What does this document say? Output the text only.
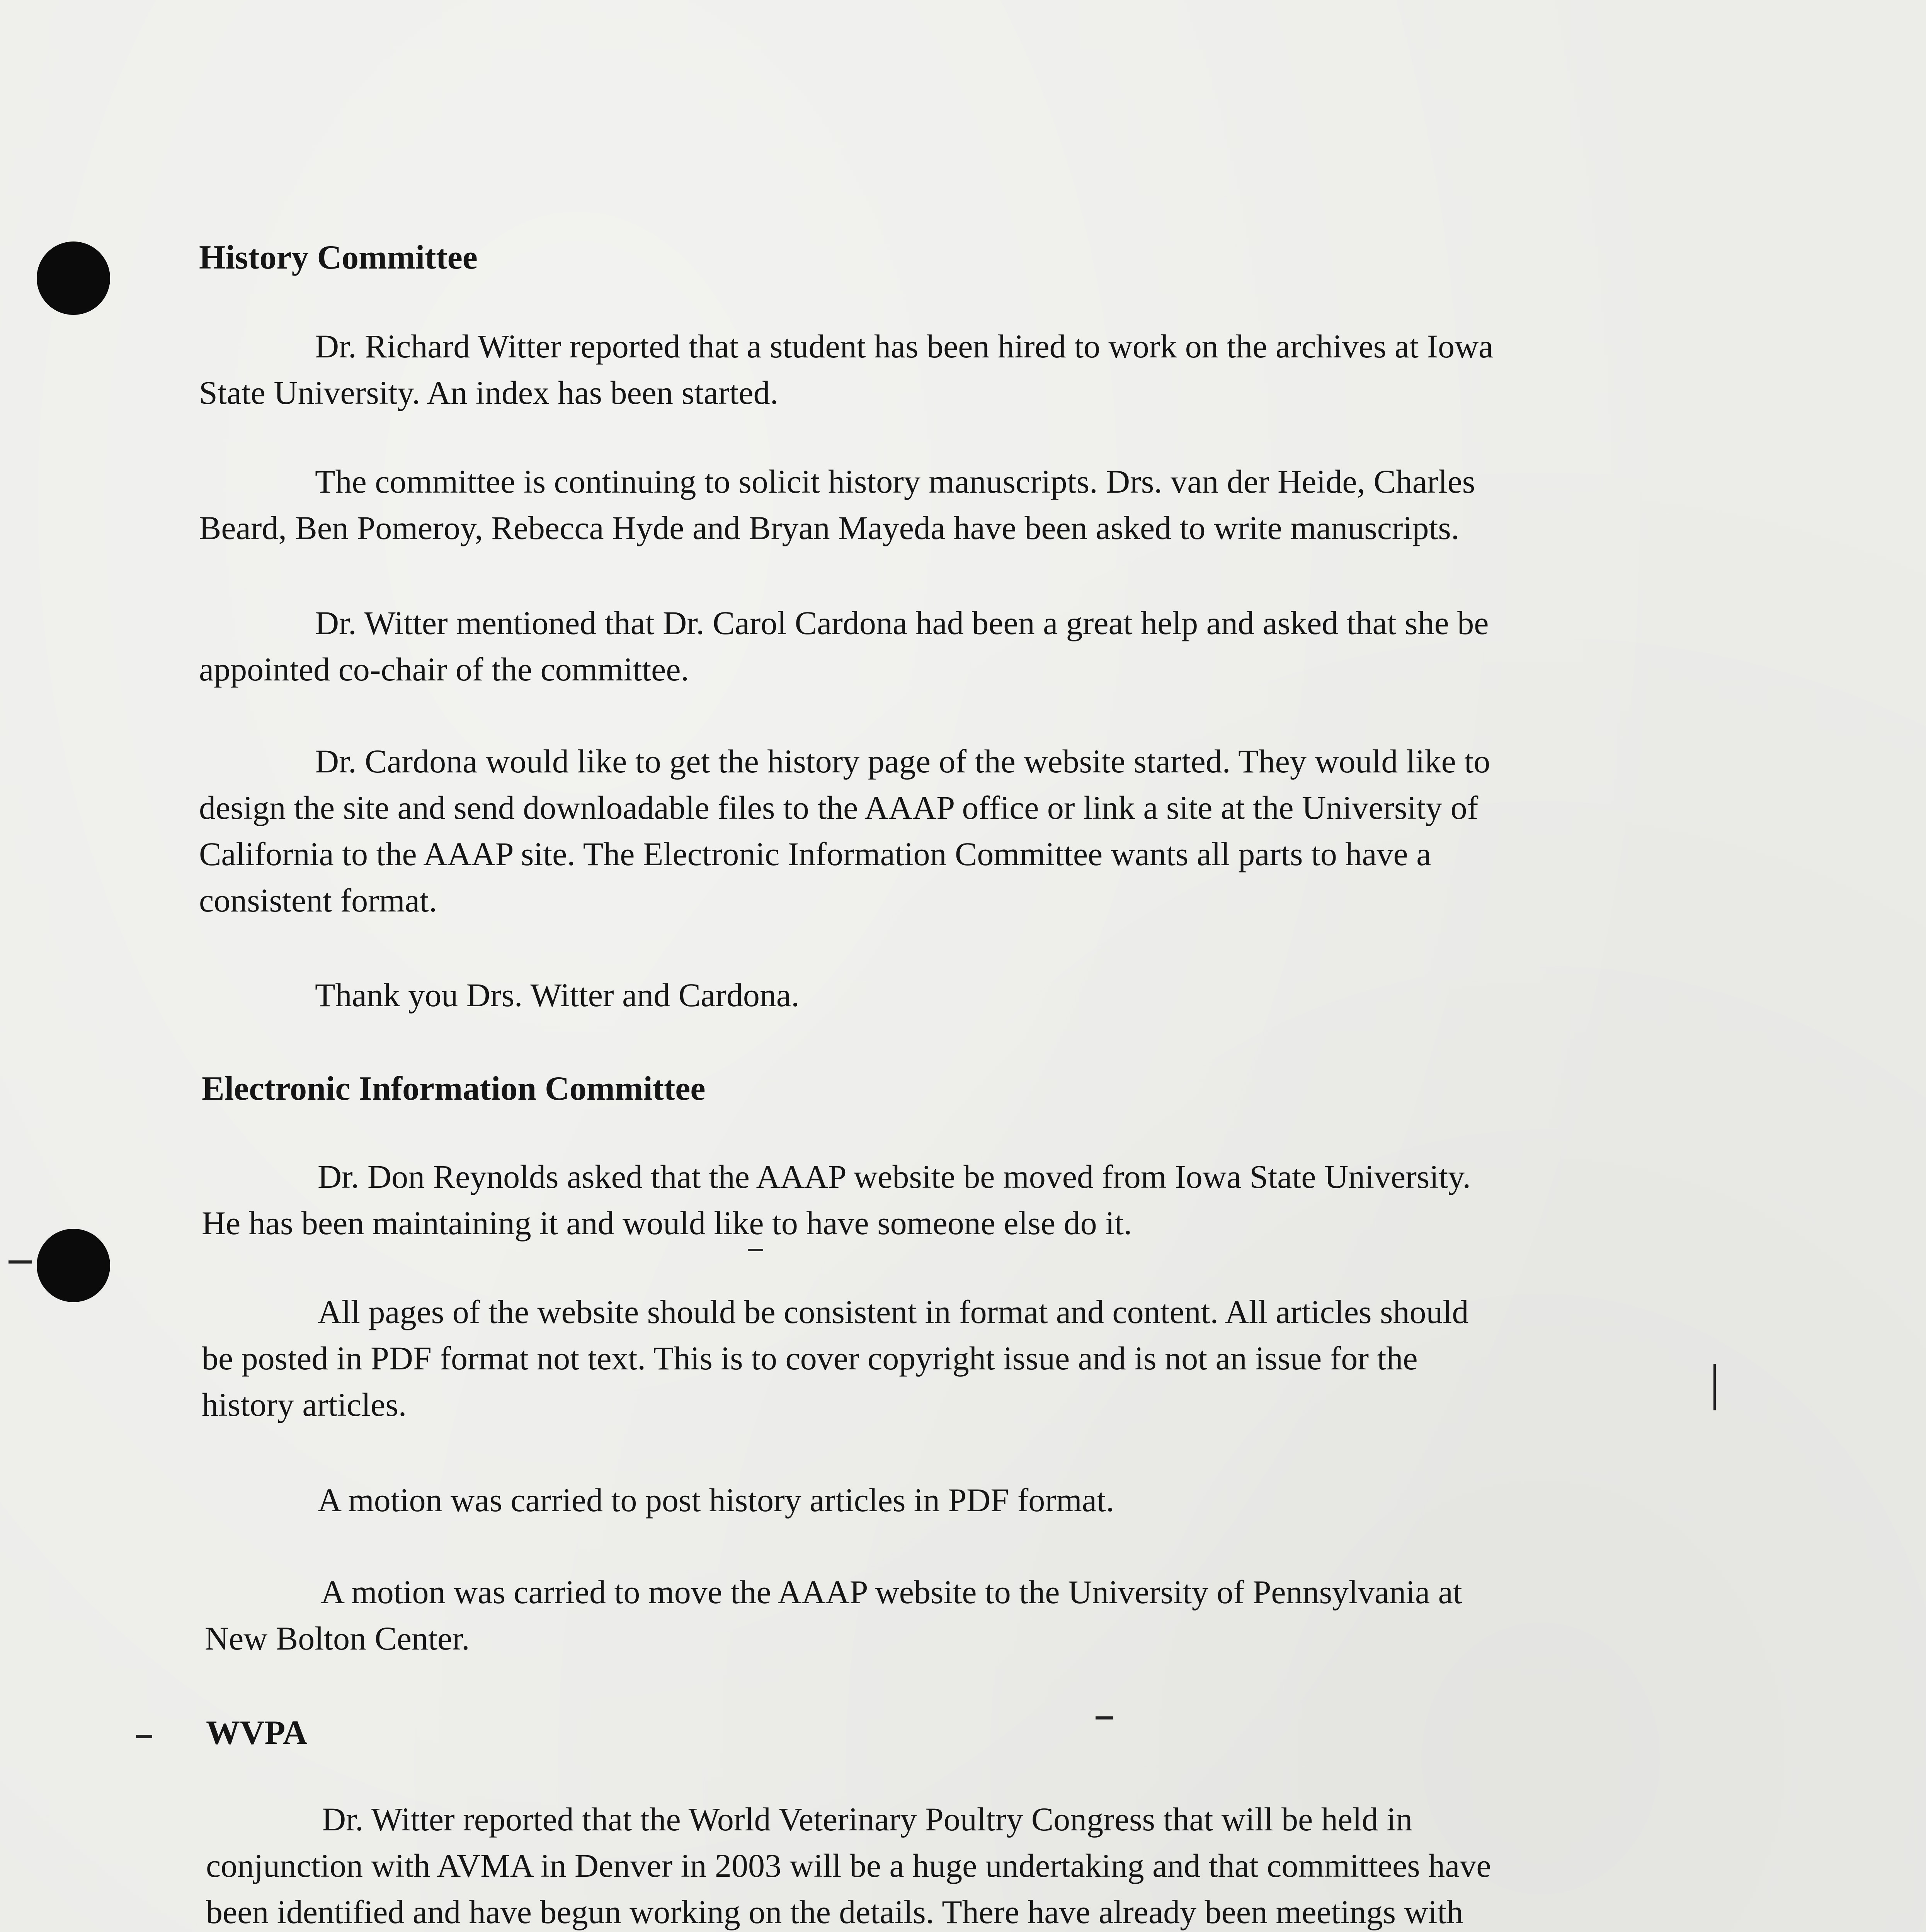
History Committee
Dr. Richard Witter reported that a student has been hired to work on the archives at Iowa
State University. An index has been started.
The committee is continuing to solicit history manuscripts. Drs. van der Heide, Charles
Beard, Ben Pomeroy, Rebecca Hyde and Bryan Mayeda have been asked to write manuscripts.
Dr. Witter mentioned that Dr. Carol Cardona had been a great help and asked that she be
appointed co-chair of the committee.
Dr. Cardona would like to get the history page of the website started. They would like to
design the site and send downloadable files to the AAAP office or link a site at the University of
California to the AAAP site. The Electronic Information Committee wants all parts to have a
consistent format.
Thank you Drs. Witter and Cardona.
Electronic Information Committee
Dr. Don Reynolds asked that the AAAP website be moved from Iowa State University.
He has been maintaining it and would like to have someone else do it.
All pages of the website should be consistent in format and content. All articles should
be posted in PDF format not text. This is to cover copyright issue and is not an issue for the
history articles.
A motion was carried to post history articles in PDF format.
A motion was carried to move the AAAP website to the University of Pennsylvania at
New Bolton Center.
WVPA
Dr. Witter reported that the World Veterinary Poultry Congress that will be held in
conjunction with AVMA in Denver in 2003 will be a huge undertaking and that committees have
been identified and have begun working on the details. There have already been meetings with
